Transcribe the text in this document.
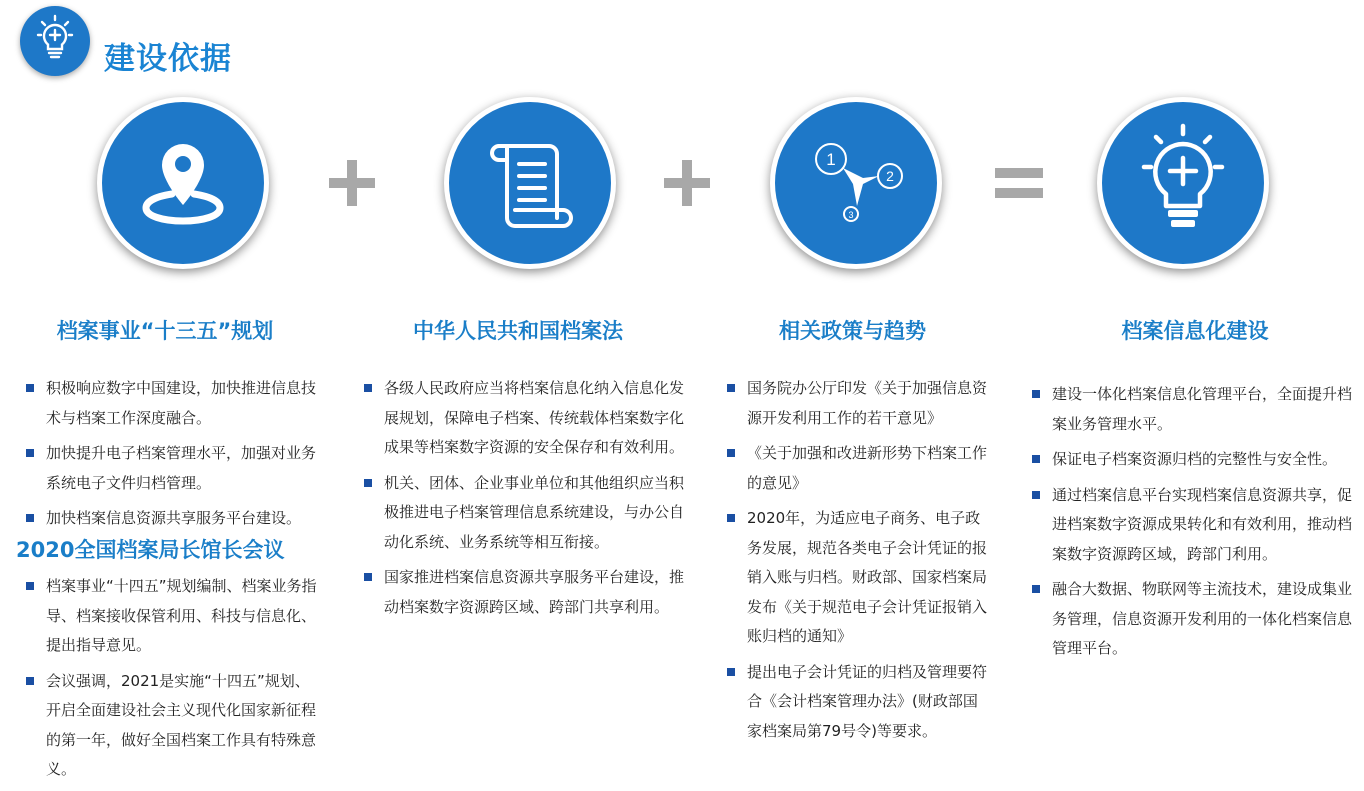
建设依据
1
2
3
档案事业“十三五”规划
积极响应数字中国建设，加快推进信息技术与档案工作深度融合。
加快提升电子档案管理水平，加强对业务系统电子文件归档管理。
加快档案信息资源共享服务平台建设。
2020全国档案局长馆长会议
档案事业“十四五”规划编制、档案业务指导、档案接收保管利用、科技与信息化、提出指导意见。
会议强调，2021是实施“十四五”规划、开启全面建设社会主义现代化国家新征程的第一年，做好全国档案工作具有特殊意义。
中华人民共和国档案法
各级人民政府应当将档案信息化纳入信息化发展规划，保障电子档案、传统载体档案数字化成果等档案数字资源的安全保存和有效利用。
机关、团体、企业事业单位和其他组织应当积极推进电子档案管理信息系统建设，与办公自动化系统、业务系统等相互衔接。
国家推进档案信息资源共享服务平台建设，推动档案数字资源跨区域、跨部门共享利用。
相关政策与趋势
国务院办公厅印发《关于加强信息资源开发利用工作的若干意见》
《关于加强和改进新形势下档案工作的意见》
2020年，为适应电子商务、电子政务发展，规范各类电子会计凭证的报销入账与归档。财政部、国家档案局发布《关于规范电子会计凭证报销入账归档的通知》
提出电子会计凭证的归档及管理要符合《会计档案管理办法》(财政部国家档案局第79号令)等要求。
档案信息化建设
建设一体化档案信息化管理平台，全面提升档案业务管理水平。
保证电子档案资源归档的完整性与安全性。
通过档案信息平台实现档案信息资源共享，促进档案数字资源成果转化和有效利用，推动档案数字资源跨区域，跨部门利用。
融合大数据、物联网等主流技术，建设成集业务管理，信息资源开发利用的一体化档案信息管理平台。
